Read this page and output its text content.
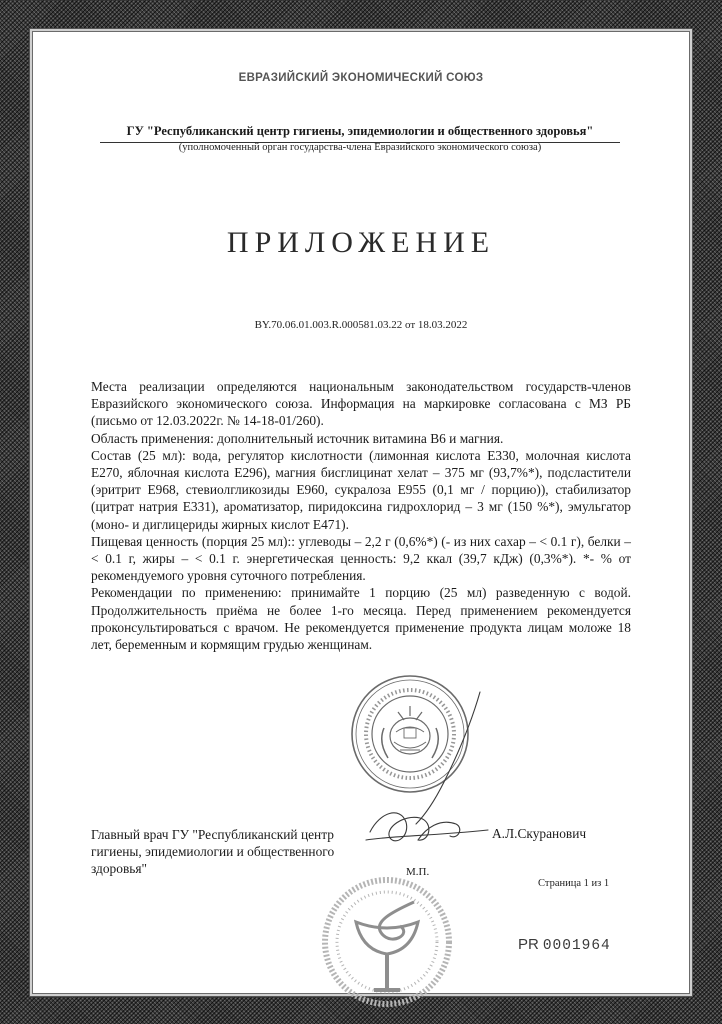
ЕВРАЗИЙСКИЙ ЭКОНОМИЧЕСКИЙ СОЮЗ
ГУ "Республиканский центр гигиены, эпидемиологии и общественного здоровья"
(уполномоченный орган государства-члена Евразийского экономического союза)
ПРИЛОЖЕНИЕ
BY.70.06.01.003.R.000581.03.22 от 18.03.2022

Места реализации определяются национальным законодательством государств-членов Евразийского экономического союза. Информация на маркировке согласована с МЗ РБ (письмо от 12.03.2022г. № 14-18-01/260).

Область применения: дополнительный источник витамина В6 и магния.

Состав (25 мл): вода, регулятор кислотности (лимонная кислота Е330, молочная кислота Е270, яблочная кислота Е296), магния бисглицинат хелат – 375 мг (93,7%*), подсластители (эритрит Е968, стевиолгликозиды Е960, сукралоза Е955 (0,1 мг / порцию)), стабилизатор (цитрат натрия Е331), ароматизатор, пиридоксина гидрохлорид – 3 мг (150 %*), эмульгатор (моно- и диглицериды жирных кислот Е471).

Пищевая ценность (порция 25 мл):: углеводы – 2,2 г (0,6%*) (- из них сахар – < 0.1 г), белки – < 0.1 г, жиры – < 0.1 г. энергетическая ценность: 9,2 ккал (39,7 кДж) (0,3%*). *- % от рекомендуемого уровня суточного потребления.

Рекомендации по применению: принимайте 1 порцию (25 мл) разведенную с водой. Продолжительность приёма не более 1-го месяца. Перед применением рекомендуется проконсультироваться с врачом. Не рекомендуется применение продукта лицам моложе 18 лет, беременным и кормящим грудью женщинам.

Главный врач ГУ "Республиканский центр гигиены, эпидемиологии и общественного здоровья"
А.Л.Скуранович
М.П.
Страница 1 из 1
PR 0001964
